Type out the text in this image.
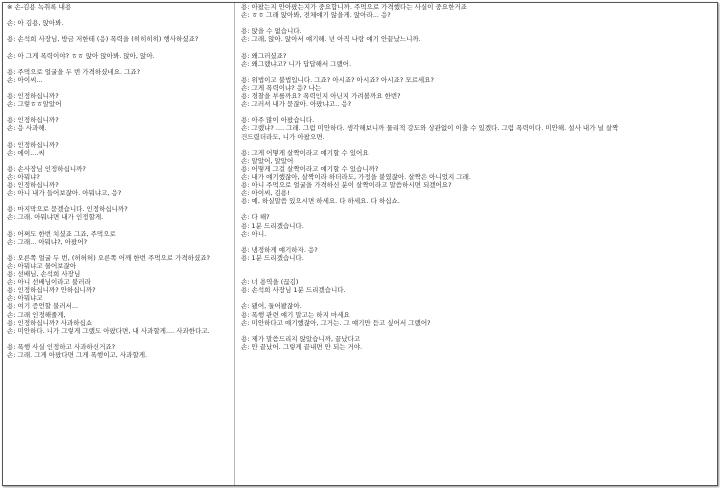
※ 손-김용 녹취록 내용
손: 아 김용, 앉아봐.
용: 손석희 사장님, 방금 저한테 (응) 폭력을 (히히히히) 행사하셨죠?
손: 아 그게 폭력이야? ㅎㅎ 앉아 앉아봐. 앉아, 앉아.
용: 주먹으로 얼굴을 두 번 가격하셨네요. 그죠?
손: 아이씨...
용: 인정하십니까?
손: 그렇ㅎㅎ알았어
용: 인정하십니까?
손: 응 사과해.
용: 인정하십니까?
손: 에이....씨
용: 손사장님 인정하십니까?
손: 아뭐냐?
용: 인정하십니까?
손: 아니 내가 들어보잖아. 아뭐냐고, 응?
용: 마지막으로 묻겠습니다. 인정하십니까?
손: 그래. 아뭐냐면 내가 인정할게.
용: 어쩌도 한번 치셨죠 그죠, 주먹으로
손: 그래... 아뭐냐?, 아팠어?
용: 오른쪽 얼굴 두 번, (허허허) 오른쪽 어깨 한번 주먹으로 가격하셨죠?
손: 아뭐냐고 물어보잖아
용: 선배님, 손석희 사장님
손: 아니 선배님이라고 불러라
용: 인정하십니까? 안하십니까?
손: 아뭐냐고
용: 여기 증언할 불러서...
손: 그래 인정해줄게,
용: 인정하십니까? 사과하십쇼
손: 미안하다. 니가 그렇게 그랬도 아팠다면, 내 사과할게.... 사과한다고.
용: 폭행 사실 인정하고 사과하신거죠?
손: 그래. 그게 아팠다면 그게 폭행이고, 사과할게.
용: 아팠는지 안아팠는지가 중요합니까. 주먹으로 가격했다는 사실이 중요한거죠
손: ㅎㅎ 그래 앉아봐, 전체얘기 않을게. 앉아라... 응?
용: 앉을 수 없습니다.
손: 그래, 앉아. 앉아서 얘기해. 넌 아직 나랑 얘기 안끝났느니까.
용: 왜그러셨죠?
손: 왜그랬냐고? 니가 답답해서 그랬어.
용: 위법이고 불법입니다. 그죠? 아시죠? 아시죠? 아시죠? 모르세요?
손: 그게 폭력이냐? 응? 나는
용: 경찰을 부를까요? 폭력인지 아닌지 가려볼까요 한번?
손: 그러셔 내가 묻잖아. 아팠냐고.. 응?
용: 아주 많이 아팠습니다.
손: 그랬냐? .... 그래. 그럼 미안하다. 생각해보니까 물리적 강도와 상관없이 이출 수 있겠다. 그럼 폭력이다. 미안해. 설사 내가 널 살짝
건드렸더라도, 니가 아팠으면.
용: 그게 어떻게 살짝이라고 얘기할 수 있어요
손: 알았어, 알았어
용: 어떻게 그걸 살짝이라고 얘기할 수 있습니까?
손: 내가 얘기했잖아, 살짝이라 하더라도, 가정을 붙였잖아. 살짝은 아니었지 그래.
용: 아니 주먹으로 얼굴을 가격하신 분이 살짝이라고 말씀하시면 되겠어요?
손: 아이씨, 김용!
용: 예, 하실말씀 있으시면 하세요. 다 하세요. 다 하십쇼.
손: 다 해?
용: 1분 드리겠습니다.
손: 아니.
용: 냉정하게 얘기하자. 응?
용: 1분 드리겠습니다.
손: 너 용역을 (끊김)
용: 손석희 사장님 1분 드리겠습니다.
손: 됐어, 둘어봤잖아.
용: 폭행 관련 얘기 말고는 하지 마세요
손: 미안하다고 얘기했잖아, 그거는. 그 얘기만 듣고 싶어서 그랬어?
용: 제가 말씀드리지 않았습니까, 끝났다고
손: 안 끝났어. 그렇게 끝내면 안 되는 거야.
